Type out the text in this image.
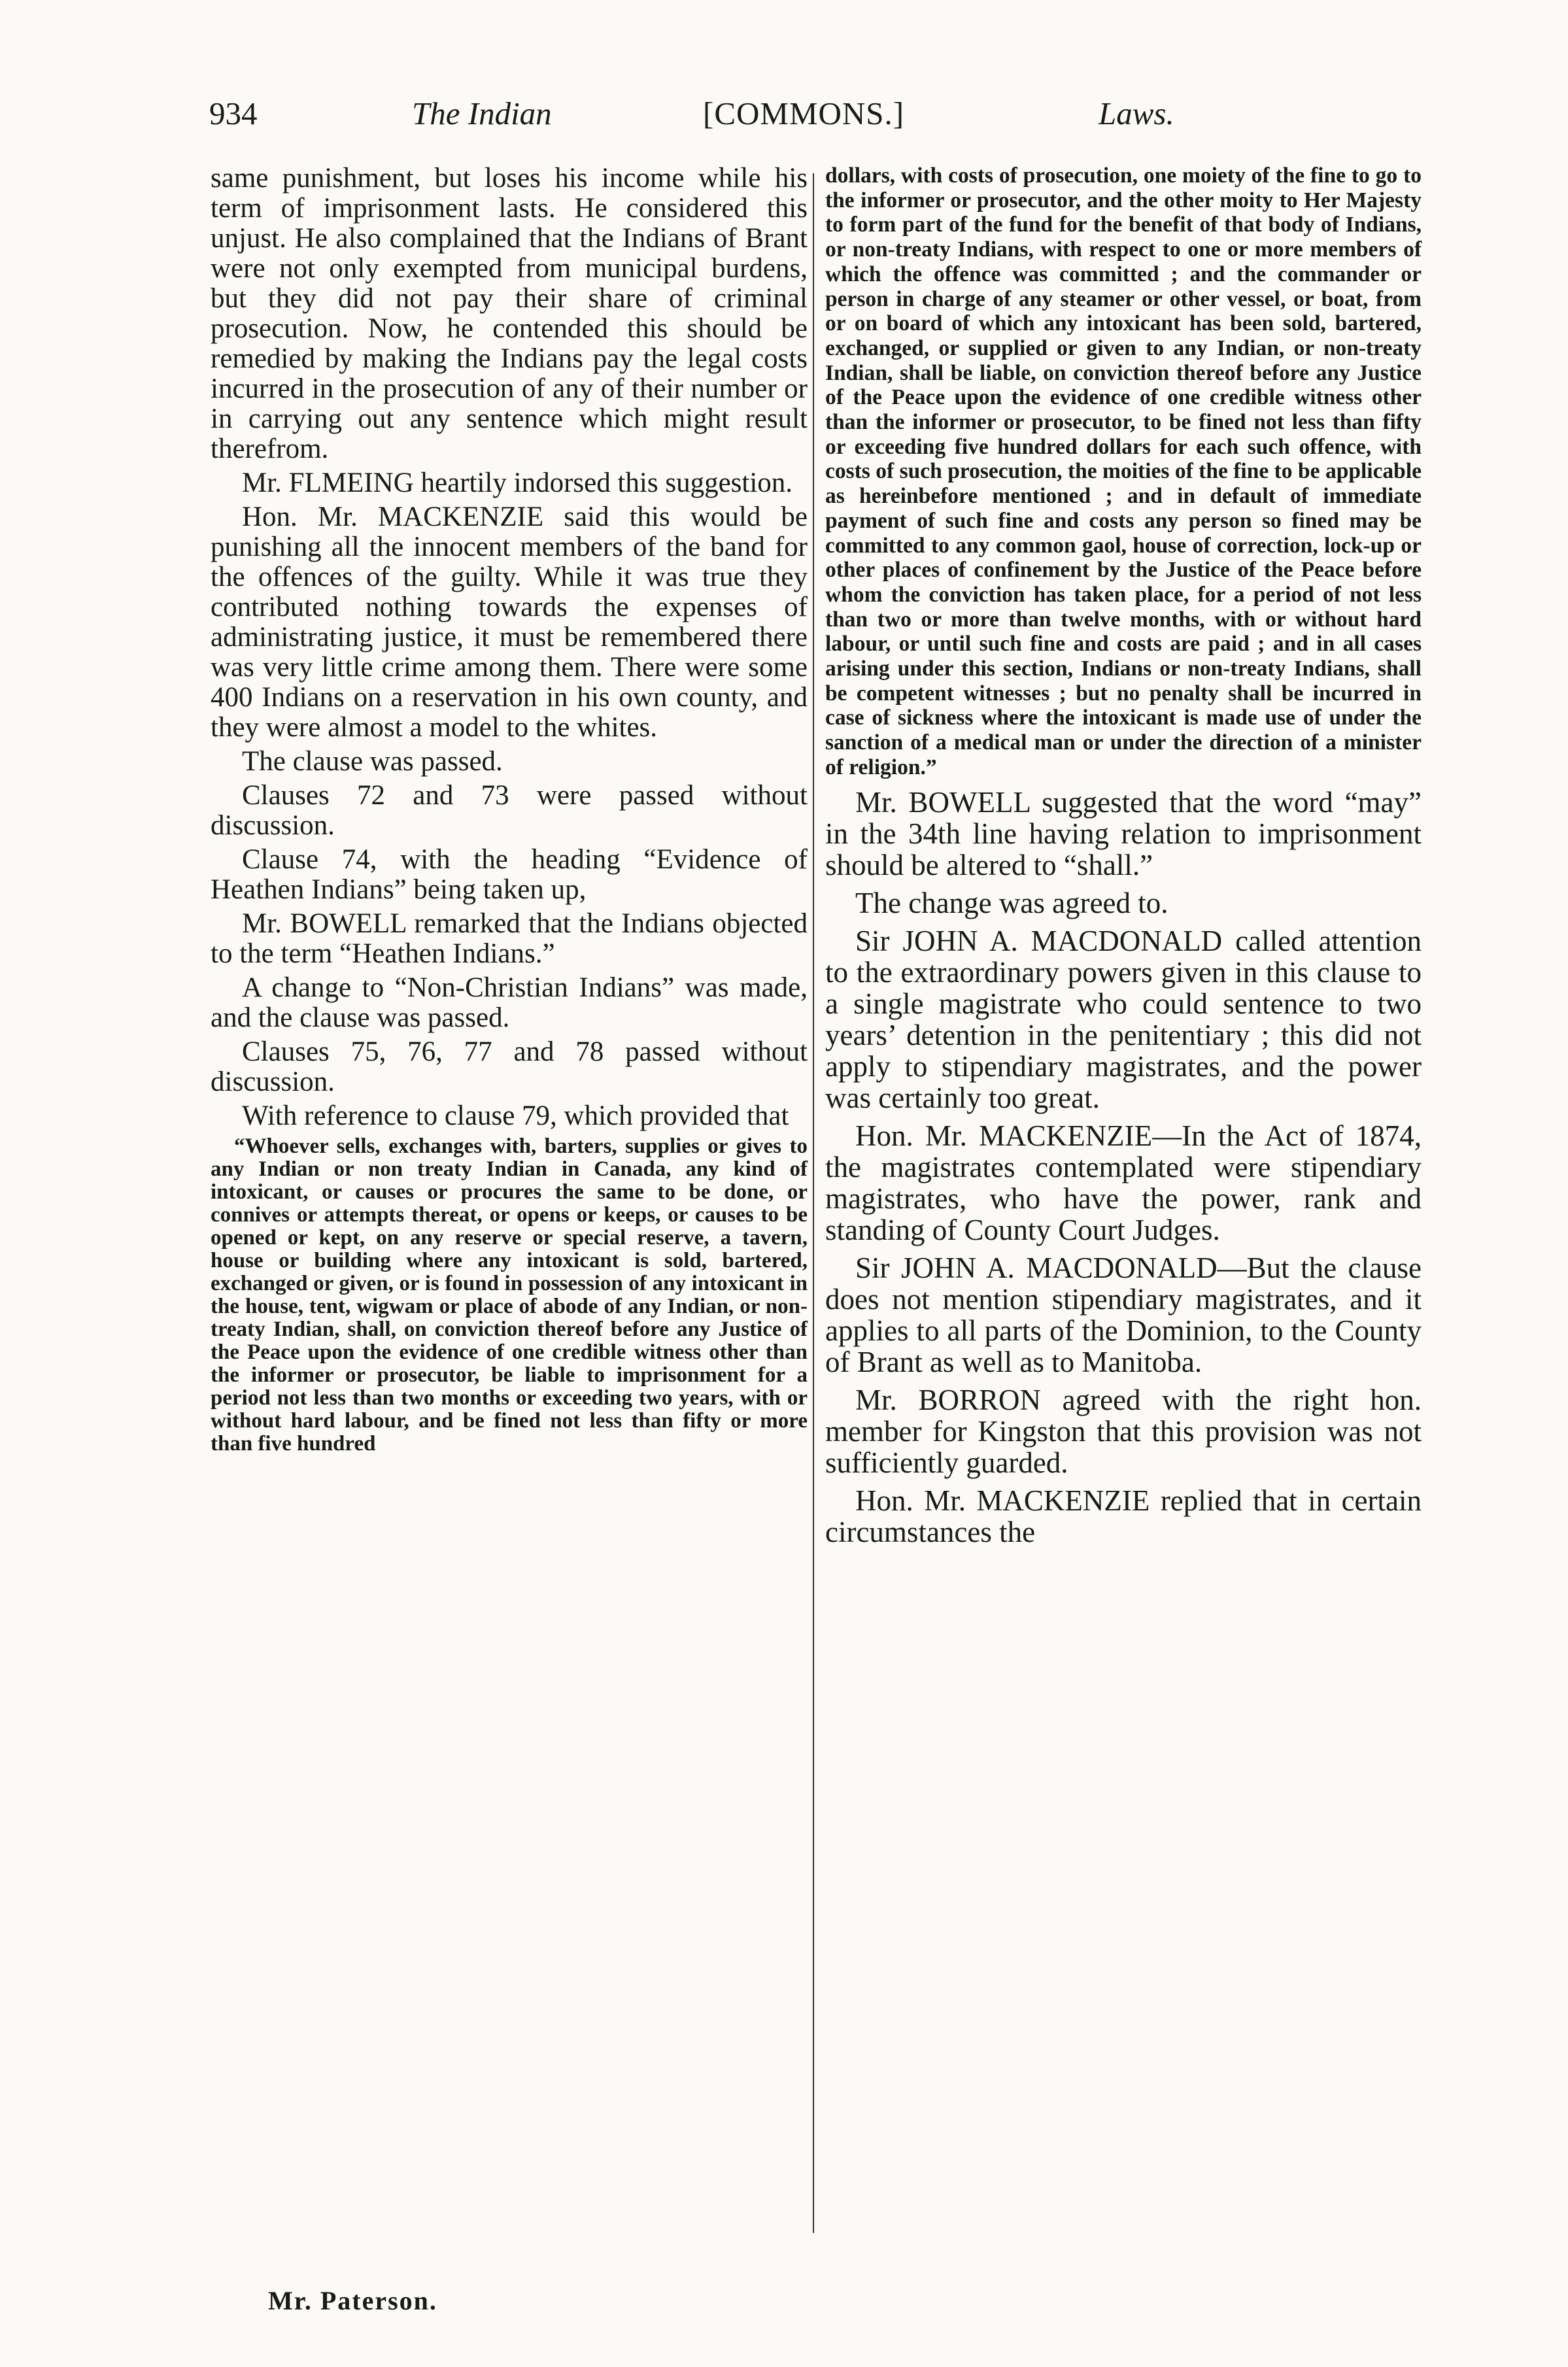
934	The Indian	[COMMONS.]	Laws.

same punishment, but loses his income while his term of imprisonment lasts. He considered this unjust. He also complained that the Indians of Brant were not only exempted from municipal burdens, but they did not pay their share of criminal prosecution. Now, he contended this should be remedied by making the Indians pay the legal costs incurred in the prosecution of any of their number or in carrying out any sentence which might result therefrom.

Mr. FLMEING heartily indorsed this suggestion.

Hon. Mr. MACKENZIE said this would be punishing all the innocent members of the band for the offences of the guilty. While it was true they contributed nothing towards the expenses of administrating justice, it must be remembered there was very little crime among them. There were some 400 Indians on a reservation in his own county, and they were almost a model to the whites.

The clause was passed.

Clauses 72 and 73 were passed without discussion.

Clause 74, with the heading “Evidence of Heathen Indians” being taken up,

Mr. BOWELL remarked that the Indians objected to the term “Heathen Indians.”

A change to “Non-Christian Indians” was made, and the clause was passed.

Clauses 75, 76, 77 and 78 passed without discussion.

With reference to clause 79, which provided that

“Whoever sells, exchanges with, barters, supplies or gives to any Indian or non treaty Indian in Canada, any kind of intoxicant, or causes or procures the same to be done, or connives or attempts thereat, or opens or keeps, or causes to be opened or kept, on any reserve or special reserve, a tavern, house or building where any intoxicant is sold, bartered, exchanged or given, or is found in possession of any intoxicant in the house, tent, wigwam or place of abode of any Indian, or non-treaty Indian, shall, on conviction thereof before any Justice of the Peace upon the evidence of one credible witness other than the informer or prosecutor, be liable to imprisonment for a period not less than two months or exceeding two years, with or without hard labour, and be fined not less than fifty or more than five hundred

dollars, with costs of prosecution, one moiety of the fine to go to the informer or prosecutor, and the other moity to Her Majesty to form part of the fund for the benefit of that body of Indians, or non-treaty Indians, with respect to one or more members of which the offence was committed ; and the commander or person in charge of any steamer or other vessel, or boat, from or on board of which any intoxicant has been sold, bartered, exchanged, or supplied or given to any Indian, or non-treaty Indian, shall be liable, on conviction thereof before any Justice of the Peace upon the evidence of one credible witness other than the informer or prosecutor, to be fined not less than fifty or exceeding five hundred dollars for each such offence, with costs of such prosecution, the moities of the fine to be applicable as hereinbefore mentioned ; and in default of immediate payment of such fine and costs any person so fined may be committed to any common gaol, house of correction, lock-up or other places of confinement by the Justice of the Peace before whom the conviction has taken place, for a period of not less than two or more than twelve months, with or without hard labour, or until such fine and costs are paid ; and in all cases arising under this section, Indians or non-treaty Indians, shall be competent witnesses ; but no penalty shall be incurred in case of sickness where the intoxicant is made use of under the sanction of a medical man or under the direction of a minister of religion.”

Mr. BOWELL suggested that the word “may” in the 34th line having relation to imprisonment should be altered to “shall.”

The change was agreed to.

Sir JOHN A. MACDONALD called attention to the extraordinary powers given in this clause to a single magistrate who could sentence to two years’ detention in the penitentiary ; this did not apply to stipendiary magistrates, and the power was certainly too great.

Hon. Mr. MACKENZIE—In the Act of 1874, the magistrates contemplated were stipendiary magistrates, who have the power, rank and standing of County Court Judges.

Sir JOHN A. MACDONALD—But the clause does not mention stipendiary magistrates, and it applies to all parts of the Dominion, to the County of Brant as well as to Manitoba.

Mr. BORRON agreed with the right hon. member for Kingston that this provision was not sufficiently guarded.

Hon. Mr. MACKENZIE replied that in certain circumstances the

Mr. Paterson.
